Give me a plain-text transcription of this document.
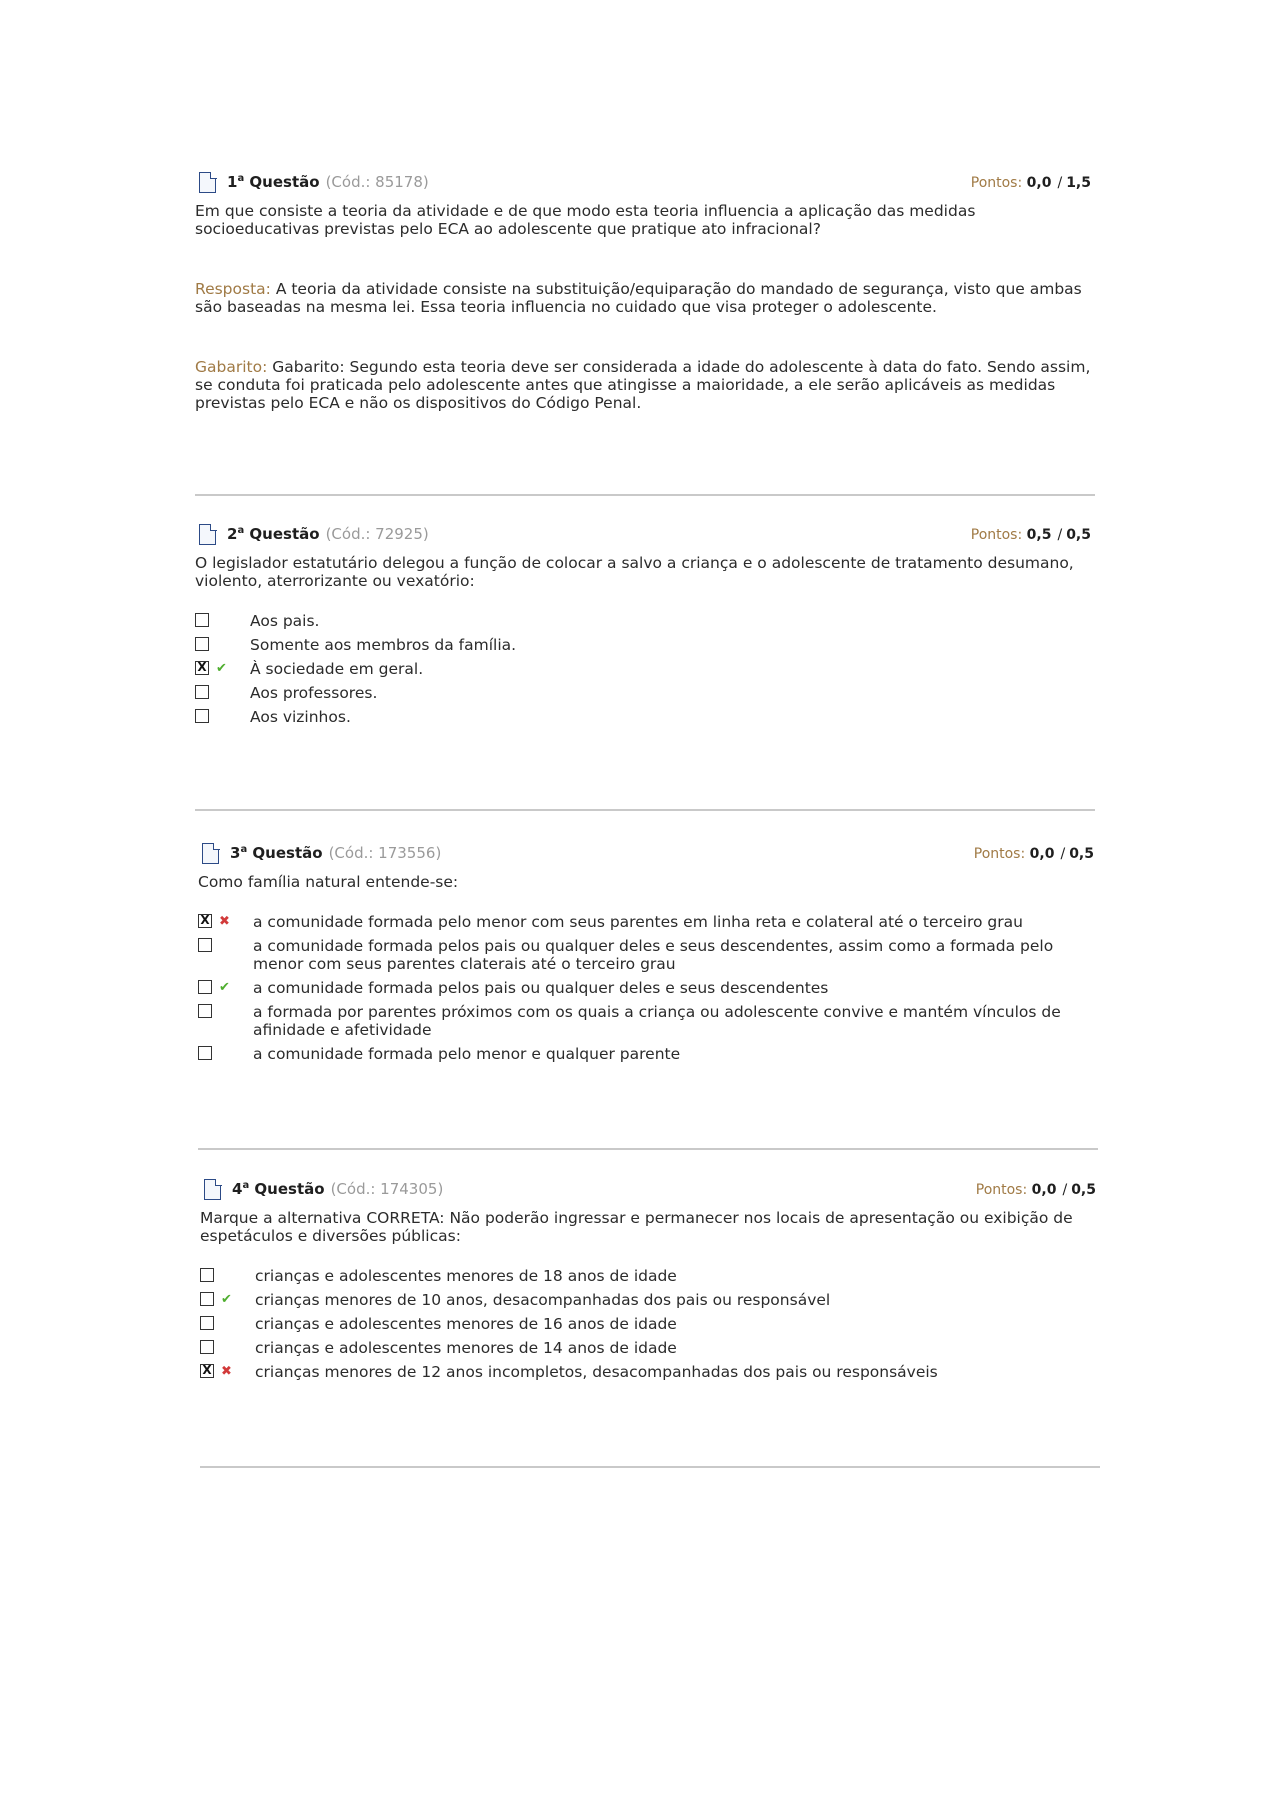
1$^a$ Questão (Cód.: 85178)	Pontos: 0,0 / 1,5
Em que consiste a teoria da atividade e de que modo esta teoria influencia a aplicação das medidas socioeducativas previstas pelo ECA ao adolescente que pratique ato infracional?
Resposta: A teoria da atividade consiste na substituição/equiparação do mandado de segurança, visto que ambas são baseadas na mesma lei. Essa teoria influencia no cuidado que visa proteger o adolescente.
Gabarito: Gabarito: Segundo esta teoria deve ser considerada a idade do adolescente à data do fato. Sendo assim, se conduta foi praticada pelo adolescente antes que atingisse a maioridade, a ele serão aplicáveis as medidas previstas pelo ECA e não os dispositivos do Código Penal.
2$^a$ Questão (Cód.: 72925)	Pontos: 0,5 / 0,5
O legislador estatutário delegou a função de colocar a salvo a criança e o adolescente de tratamento desumano, violento, aterrorizante ou vexatório:
Aos pais.
Somente aos membros da família.
X ✔ À sociedade em geral.
Aos professores.
Aos vizinhos.
3$^a$ Questão (Cód.: 173556)	Pontos: 0,0 / 0,5
Como família natural entende-se:
X ✖ a comunidade formada pelo menor com seus parentes em linha reta e colateral até o terceiro grau
a comunidade formada pelos pais ou qualquer deles e seus descendentes, assim como a formada pelo menor com seus parentes claterais até o terceiro grau
✔ a comunidade formada pelos pais ou qualquer deles e seus descendentes
a formada por parentes próximos com os quais a criança ou adolescente convive e mantém vínculos de afinidade e afetividade
a comunidade formada pelo menor e qualquer parente
4$^a$ Questão (Cód.: 174305)	Pontos: 0,0 / 0,5
Marque a alternativa CORRETA: Não poderão ingressar e permanecer nos locais de apresentação ou exibição de espetáculos e diversões públicas:
crianças e adolescentes menores de 18 anos de idade
✔ crianças menores de 10 anos, desacompanhadas dos pais ou responsável
crianças e adolescentes menores de 16 anos de idade
crianças e adolescentes menores de 14 anos de idade
X ✖ crianças menores de 12 anos incompletos, desacompanhadas dos pais ou responsáveis
